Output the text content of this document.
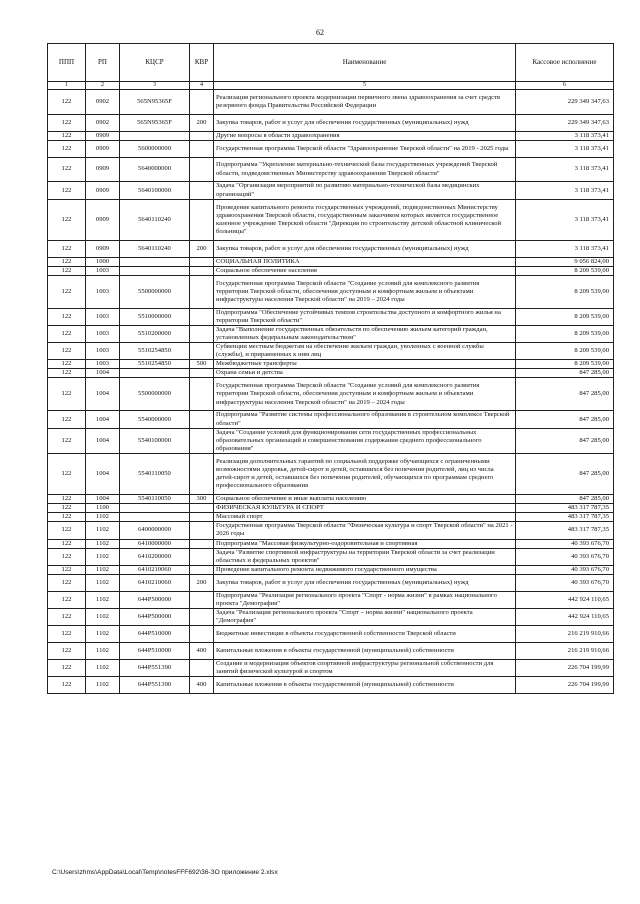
62
ППП	РП	КЦСР	КВР	Наименование	Кассовое исполнение
1	2	3	4	5	6
122	0902	565N95365F		Реализация регионального проекта модернизации первичного звена здравоохранения за счет средств резервного фонда Правительства Российской Федерации	229 349 347,63
122	0902	565N95365F	200	Закупка товаров, работ и услуг для обеспечения государственных (муниципальных) нужд	229 349 347,63
122	0909			Другие вопросы в области здравоохранения	3 118 373,41
122	0909	5600000000		Государственная программа Тверской области "Здравоохранение Тверской области" на 2019 - 2025 годы	3 118 373,41
122	0909	5640000000		Подпрограмма "Укрепление материально-технической базы государственных учреждений Тверской области, подведомственных Министерству здравоохранения Тверской области"	3 118 373,41
122	0909	5640100000		Задача "Организация мероприятий по развитию материально-технической базы медицинских организаций"	3 118 373,41
122	0909	5640110240		Проведение капитального ремонта государственных учреждений, подведомственных Министерству здравоохранения Тверской области, государственным заказчиком которых является государственное казенное учреждение Тверской области "Дирекция по строительству детской областной клинической больницы"	3 118 373,41
122	0909	5640110240	200	Закупка товаров, работ и услуг для обеспечения государственных (муниципальных) нужд	3 118 373,41
122	1000			СОЦИАЛЬНАЯ ПОЛИТИКА	9 056 824,00
122	1003			Социальное обеспечение населения	8 209 539,00
122	1003	5500000000		Государственная программа Тверской области "Создание условий для комплексного развития территории Тверской области, обеспечения доступным и комфортным жильем и объектами инфраструктуры населения Тверской области" на 2019 – 2024 годы	8 209 539,00
122	1003	5510000000		Подпрограмма "Обеспечение устойчивых темпов строительства доступного и комфортного жилья на территории Тверской области"	8 209 539,00
122	1003	5510200000		Задача "Выполнение государственных обязательств по обеспечению жильем категорий граждан, установленных федеральным законодательством"	8 209 539,00
122	1003	5510254850		Субвенции местным бюджетам на обеспечение жильем граждан, уволенных с военной службы (службы), и приравненных к ним лиц	8 209 539,00
122	1003	5510254850	500	Межбюджетные трансферты	8 209 539,00
122	1004			Охрана семьи и детства	847 285,00
122	1004	5500000000		Государственная программа Тверской области "Создание условий для комплексного развития территории Тверской области, обеспечения доступным и комфортным жильем и объектами инфраструктуры населения Тверской области" на 2019 – 2024 годы	847 285,00
122	1004	5540000000		Подпрограмма "Развитие системы профессионального образования в строительном комплексе Тверской области"	847 285,00
122	1004	5540100000		Задача "Создание условий для функционирования сети государственных профессиональных образовательных организаций и совершенствования содержания среднего профессионального образования"	847 285,00
122	1004	5540110050		Реализация дополнительных гарантий по социальной поддержке обучающихся с ограниченными возможностями здоровья, детей-сирот и детей, оставшихся без попечения родителей, лиц из числа детей-сирот и детей, оставшихся без попечения родителей, обучающихся по программам среднего профессионального образования	847 285,00
122	1004	5540110050	300	Социальное обеспечение и иные выплаты населению	847 285,00
122	1100			ФИЗИЧЕСКАЯ КУЛЬТУРА И СПОРТ	483 317 787,35
122	1102			Массовый спорт	483 317 787,35
122	1102	6400000000		Государственная программа Тверской области "Физическая культура и спорт Тверской области" на 2021 - 2026 годы	483 317 787,35
122	1102	6410000000		Подпрограмма "Массовая физкультурно-оздоровительная и спортивная	40 393 676,70
122	1102	6410200000		Задача "Развитие спортивной инфраструктуры на территории Тверской области за счет реализации областных и федеральных проектов"	40 393 676,70
122	1102	6410210060		Проведение капитального ремонта недвижимого государственного имущества	40 393 676,70
122	1102	6410210060	200	Закупка товаров, работ и услуг для обеспечения государственных (муниципальных) нужд	40 393 676,70
122	1102	644P500000		Подпрограмма "Реализация регионального проекта "Спорт - норма жизни" в рамках национального проекта "Демография"	442 924 110,65
122	1102	644P500000		Задача "Реализация регионального проекта "Спорт – норма жизни" национального проекта "Демография"	442 924 110,65
122	1102	644P510000		Бюджетные инвестиции в объекты государственной собственности Тверской области	216 219 910,66
122	1102	644P510000	400	Капитальные вложения в объекты государственной (муниципальной) собственности	216 219 910,66
122	1102	644P551390		Создание и модернизация объектов спортивной инфраструктуры региональной собственности для занятий физической культурой и спортом	226 704 199,99
122	1102	644P551390	400	Капитальные вложения в объекты государственной (муниципальной) собственности	226 704 199,99
C:\Users\zhms\AppData\Local\Temp\notesFFF692\36-ЗО приложение 2.xlsx
